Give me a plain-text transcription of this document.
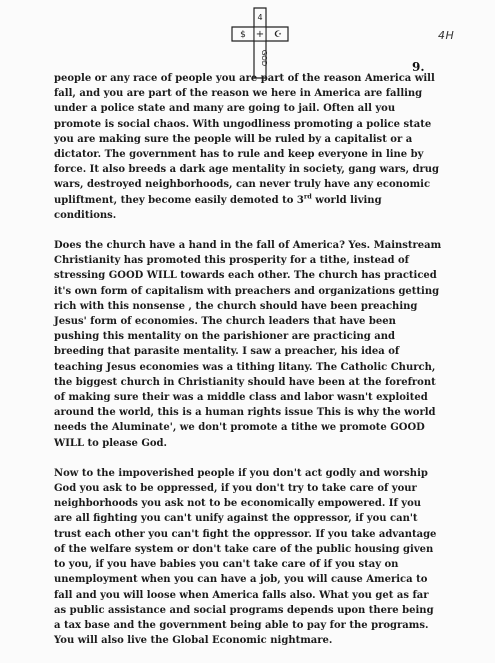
4
$ + ☪
GOD
4H
9.

people or any race of people you are part of the reason America will fall, and you are part of the reason we here in America are falling under a police state and many are going to jail. Often all you promote is social chaos. With ungodliness promoting a police state you are making sure the people will be ruled by a capitalist or a dictator. The government has to rule and keep everyone in line by force. It also breeds a dark age mentality in society, gang wars, drug wars, destroyed neighborhoods, can never truly have any economic upliftment, they become easily demoted to 3rd world living conditions.

Does the church have a hand in the fall of America? Yes. Mainstream Christianity has promoted this prosperity for a tithe, instead of stressing GOOD WILL towards each other. The church has practiced it's own form of capitalism with preachers and organizations getting rich with this nonsense , the church should have been preaching Jesus' form of economies. The church leaders that have been pushing this mentality on the parishioner are practicing and breeding that parasite mentality. I saw a preacher, his idea of teaching Jesus economies was a tithing litany. The Catholic Church, the biggest church in Christianity should have been at the forefront of making sure their was a middle class and labor wasn't exploited around the world, this is a human rights issue This is why the world needs the Aluminate', we don't promote a tithe we promote GOOD WILL to please God.

Now to the impoverished people if you don't act godly and worship God you ask to be oppressed, if you don't try to take care of your neighborhoods you ask not to be economically empowered. If you are all fighting you can't unify against the oppressor, if you can't trust each other you can't fight the oppressor. If you take advantage of the welfare system or don't take care of the public housing given to you, if you have babies you can't take care of if you stay on unemployment when you can have a job, you will cause America to fall and you will loose when America falls also. What you get as far as public assistance and social programs depends upon there being a tax base and the government being able to pay for the programs. You will also live the Global Economic nightmare.
